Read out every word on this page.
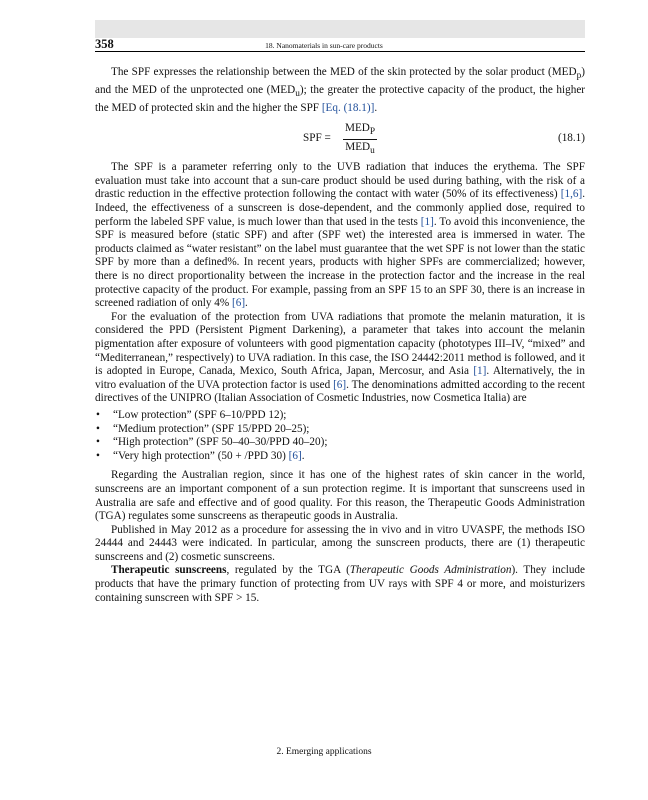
358	18. Nanomaterials in sun-care products

The SPF expresses the relationship between the MED of the skin protected by the solar product $(MED_p)$ and the MED of the unprotected one $(MED_u)$; the greater the protective capacity of the product, the higher the MED of protected skin and the higher the SPF [Eq. (18.1)].

SPF =
$MED_P$
$MED_u$
(18.1)

The SPF is a parameter referring only to the UVB radiation that induces the erythema. The SPF evaluation must take into account that a sun-care product should be used during bathing, with the risk of a drastic reduction in the effective protection following the contact with water (50% of its effectiveness) [1,6]. Indeed, the effectiveness of a sunscreen is dose-dependent, and the commonly applied dose, required to perform the labeled SPF value, is much lower than that used in the tests [1]. To avoid this inconvenience, the SPF is measured before (static SPF) and after (SPF wet) the interested area is immersed in water. The products claimed as “water resistant” on the label must guarantee that the wet SPF is not lower than the static SPF by more than a defined%. In recent years, products with higher SPFs are commercialized; however, there is no direct proportionality between the increase in the protection factor and the increase in the real protective capacity of the product. For example, passing from an SPF 15 to an SPF 30, there is an increase in screened radiation of only 4% [6].

For the evaluation of the protection from UVA radiations that promote the melanin maturation, it is considered the PPD (Persistent Pigment Darkening), a parameter that takes into account the melanin pigmentation after exposure of volunteers with good pigmentation capacity (phototypes III–IV, “mixed” and “Mediterranean,” respectively) to UVA radiation. In this case, the ISO 24442:2011 method is followed, and it is adopted in Europe, Canada, Mexico, South Africa, Japan, Mercosur, and Asia [1]. Alternatively, the in vitro evaluation of the UVA protection factor is used [6]. The denominations admitted according to the recent directives of the UNIPRO (Italian Association of Cosmetic Industries, now Cosmetica Italia) are

• “Low protection” (SPF 6–10/PPD 12);
• “Medium protection” (SPF 15/PPD 20–25);
• “High protection” (SPF 50–40–30/PPD 40–20);
• “Very high protection” (50 + /PPD 30) [6].

Regarding the Australian region, since it has one of the highest rates of skin cancer in the world, sunscreens are an important component of a sun protection regime. It is important that sunscreens used in Australia are safe and effective and of good quality. For this reason, the Therapeutic Goods Administration (TGA) regulates some sunscreens as therapeutic goods in Australia.

Published in May 2012 as a procedure for assessing the in vivo and in vitro UVASPF, the methods ISO 24444 and 24443 were indicated. In particular, among the sunscreen products, there are (1) therapeutic sunscreens and (2) cosmetic sunscreens.

Therapeutic sunscreens, regulated by the TGA (Therapeutic Goods Administration). They include products that have the primary function of protecting from UV rays with SPF 4 or more, and moisturizers containing sunscreen with SPF > 15.

2. Emerging applications
